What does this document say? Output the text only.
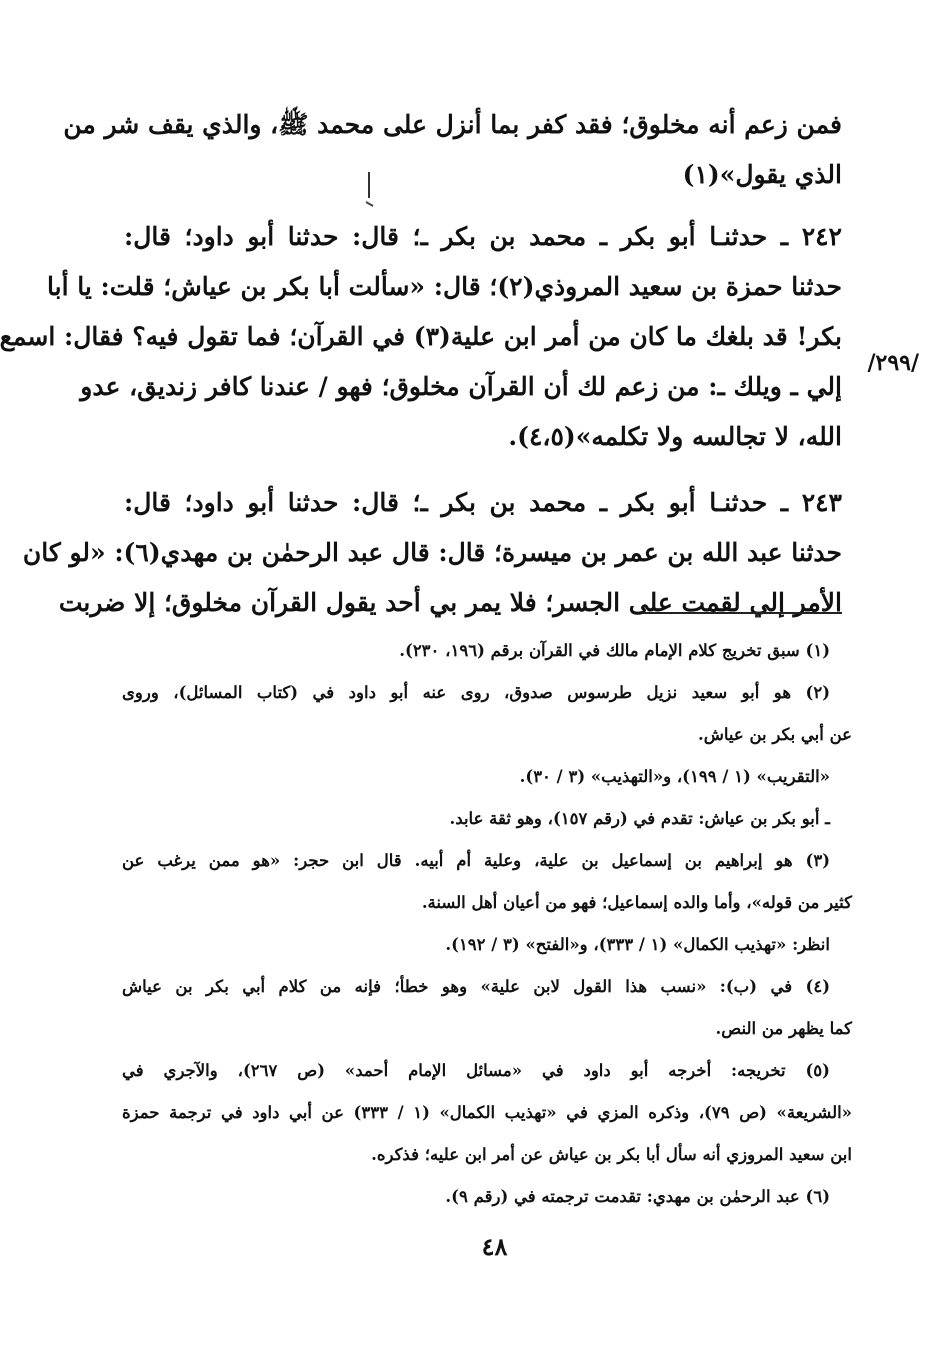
فمن زعم أنه مخلوق؛ فقد كفر بما أنزل على محمد ﷺ، والذي يقف شر من
الذي يقول»(١)

٢٤٢ ـ حدثنـا أبو بكر ـ محمد بن بكر ـ؛ قال: حدثنا أبو داود؛ قال:
حدثنا حمزة بن سعيد المروذي(٢)؛ قال: «سألت أبا بكر بن عياش؛ قلت: يا أبا
بكر! قد بلغك ما كان من أمر ابن علية(٣) في القرآن؛ فما تقول فيه؟ فقال: اسمع
إلي ـ ويلك ـ: من زعم لك أن القرآن مخلوق؛ فهو / عندنا كافر زنديق، عدو
الله، لا تجالسه ولا تكلمه»(٤،٥).

٢٤٣ ـ حدثنـا أبو بكر ـ محمد بن بكر ـ؛ قال: حدثنا أبو داود؛ قال:
حدثنا عبد الله بن عمر بن ميسرة؛ قال: قال عبد الرحمٰن بن مهدي(٦): «لو كان
الأمر إلي لقمت على الجسر؛ فلا يمر بي أحد يقول القرآن مخلوق؛ إلا ضربت

/٢٩٩/
(١) سبق تخريج كلام الإمام مالك في القرآن برقم (١٩٦، ٢٣٠).
(٢) هو أبو سعيد نزيل طرسوس صدوق، روى عنه أبو داود في (كتاب المسائل)، وروى
عن أبي بكر بن عياش.
«التقريب» (١ / ١٩٩)، و«التهذيب» (٣ / ٣٠).
ـ أبو بكر بن عياش: تقدم في (رقم ١٥٧)، وهو ثقة عابد.
(٣) هو إبراهيم بن إسماعيل بن علية، وعلية أم أبيه. قال ابن حجر: «هو ممن يرغب عن
كثير من قوله»، وأما والده إسماعيل؛ فهو من أعيان أهل السنة.
انظر: «تهذيب الكمال» (١ / ٣٣٣)، و«الفتح» (٣ / ١٩٢).
(٤) في (ب): «نسب هذا القول لابن علية» وهو خطأ؛ فإنه من كلام أبي بكر بن عياش
كما يظهر من النص.
(٥) تخريجه: أخرجه أبو داود في «مسائل الإمام أحمد» (ص ٢٦٧)، والآجري في
«الشريعة» (ص ٧٩)، وذكره المزي في «تهذيب الكمال» (١ / ٣٣٣) عن أبي داود في ترجمة حمزة
ابن سعيد المروزي أنه سأل أبا بكر بن عياش عن أمر ابن عليه؛ فذكره.
(٦) عبد الرحمٰن بن مهدي: تقدمت ترجمته في (رقم ٩).
٤٨
